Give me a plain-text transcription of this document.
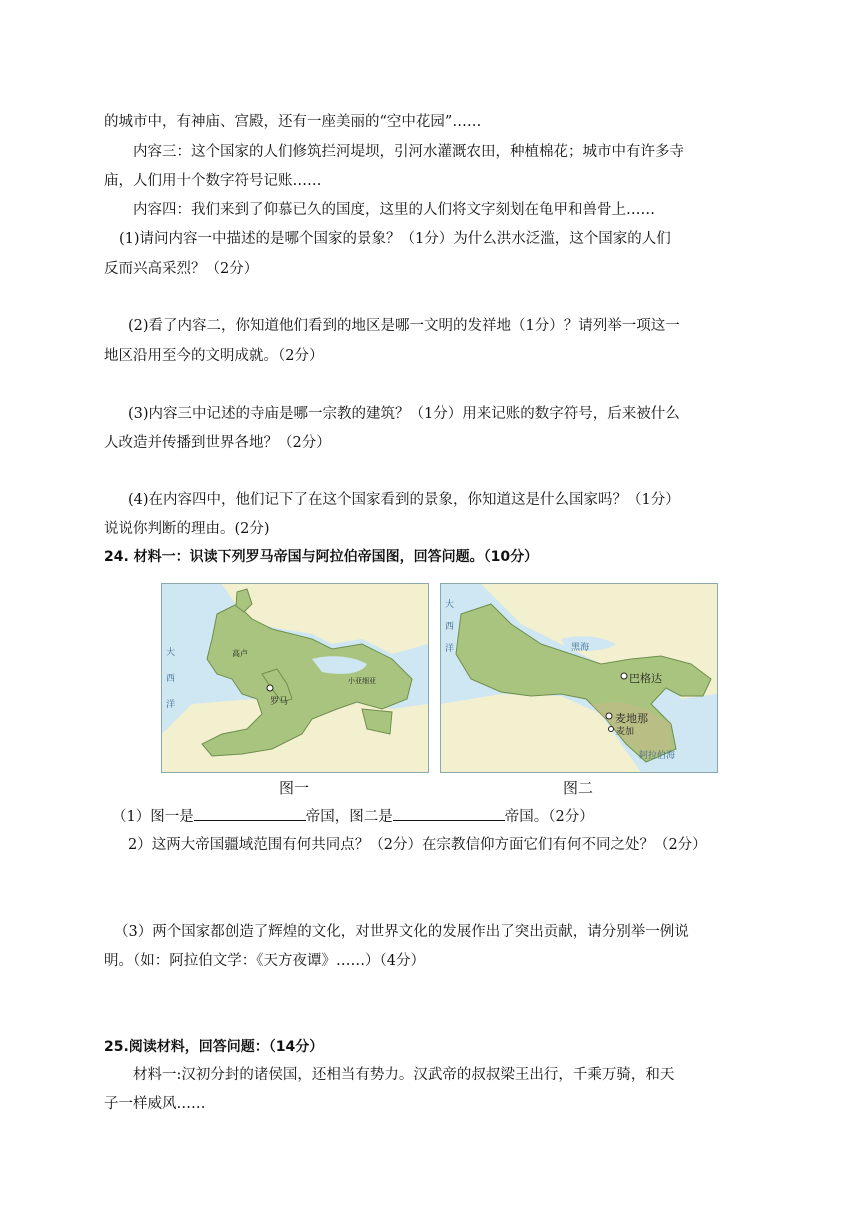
的城市中，有神庙、宫殿，还有一座美丽的“空中花园”……
内容三：这个国家的人们修筑拦河堤坝，引河水灌溉农田，种植棉花；城市中有许多寺
庙，人们用十个数字符号记账……
内容四：我们来到了仰慕已久的国度，这里的人们将文字刻划在龟甲和兽骨上……
(1)请问内容一中描述的是哪个国家的景象？（1分）为什么洪水泛滥，这个国家的人们
反而兴高采烈？（2分）
(2)看了内容二，你知道他们看到的地区是哪一文明的发祥地（1分）？请列举一项这一
地区沿用至今的文明成就。（2分）
(3)内容三中记述的寺庙是哪一宗教的建筑？（1分）用来记账的数字符号，后来被什么
人改造并传播到世界各地？（2分）
(4)在内容四中，他们记下了在这个国家看到的景象，你知道这是什么国家吗？（1分）
说说你判断的理由。(2分)
24. 材料一：识读下列罗马帝国与阿拉伯帝国图，回答问题。（10分）
大西洋
高卢
罗马
小亚细亚
大西洋	黑海
巴格达
麦地那
麦加
阿拉伯海
图一	图二
（1）图一是	帝国，图二是	帝国。（2分）
2）这两大帝国疆域范围有何共同点？（2分）在宗教信仰方面它们有何不同之处？（2分）
（3）两个国家都创造了辉煌的文化，对世界文化的发展作出了突出贡献，请分别举一例说
明。（如：阿拉伯文学：《天方夜谭》……）（4分）
25.阅读材料，回答问题：（14分）
材料一:汉初分封的诸侯国，还相当有势力。汉武帝的叔叔梁王出行，千乘万骑，和天
子一样威风……
